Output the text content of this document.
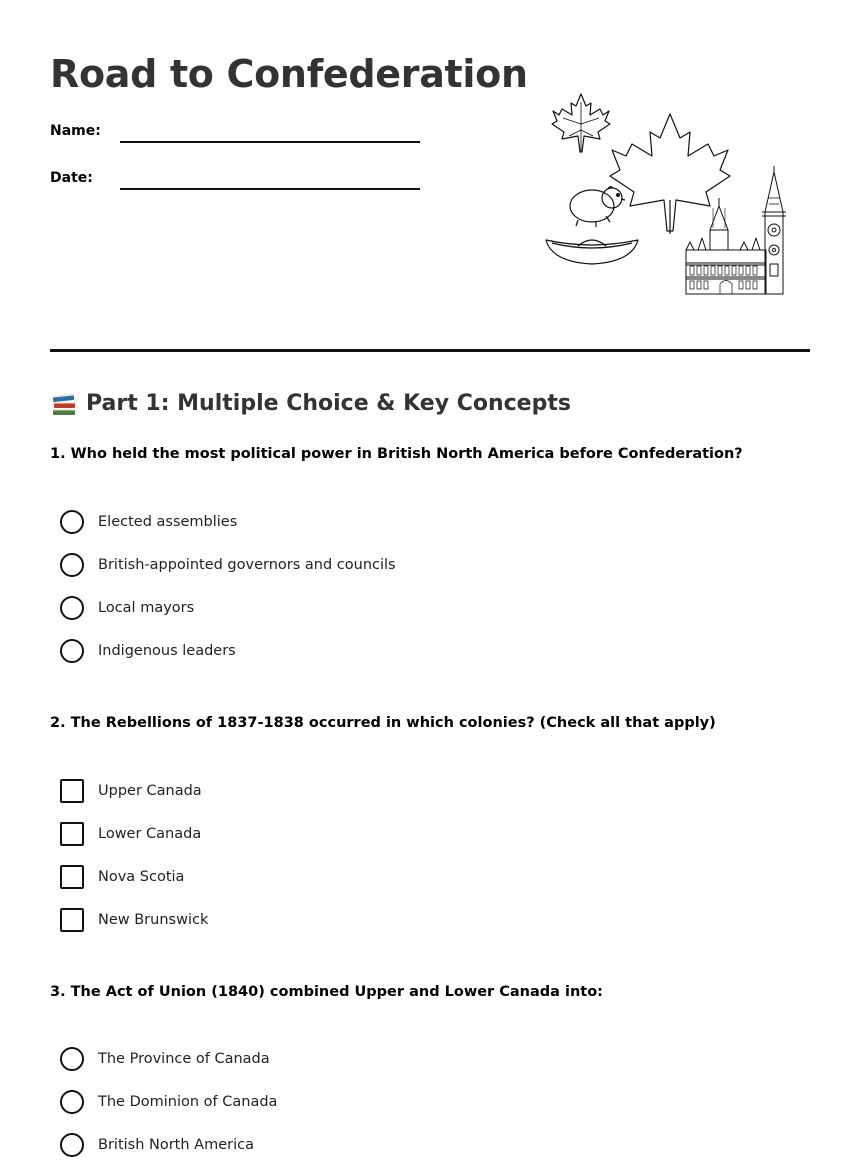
Road to Confederation
Name:
Date:
Part 1: Multiple Choice & Key Concepts

1. Who held the most political power in British North America before Confederation?

Elected assemblies
British-appointed governors and councils
Local mayors
Indigenous leaders

2. The Rebellions of 1837-1838 occurred in which colonies? (Check all that apply)

Upper Canada
Lower Canada
Nova Scotia
New Brunswick

3. The Act of Union (1840) combined Upper and Lower Canada into:

The Province of Canada
The Dominion of Canada
British North America
